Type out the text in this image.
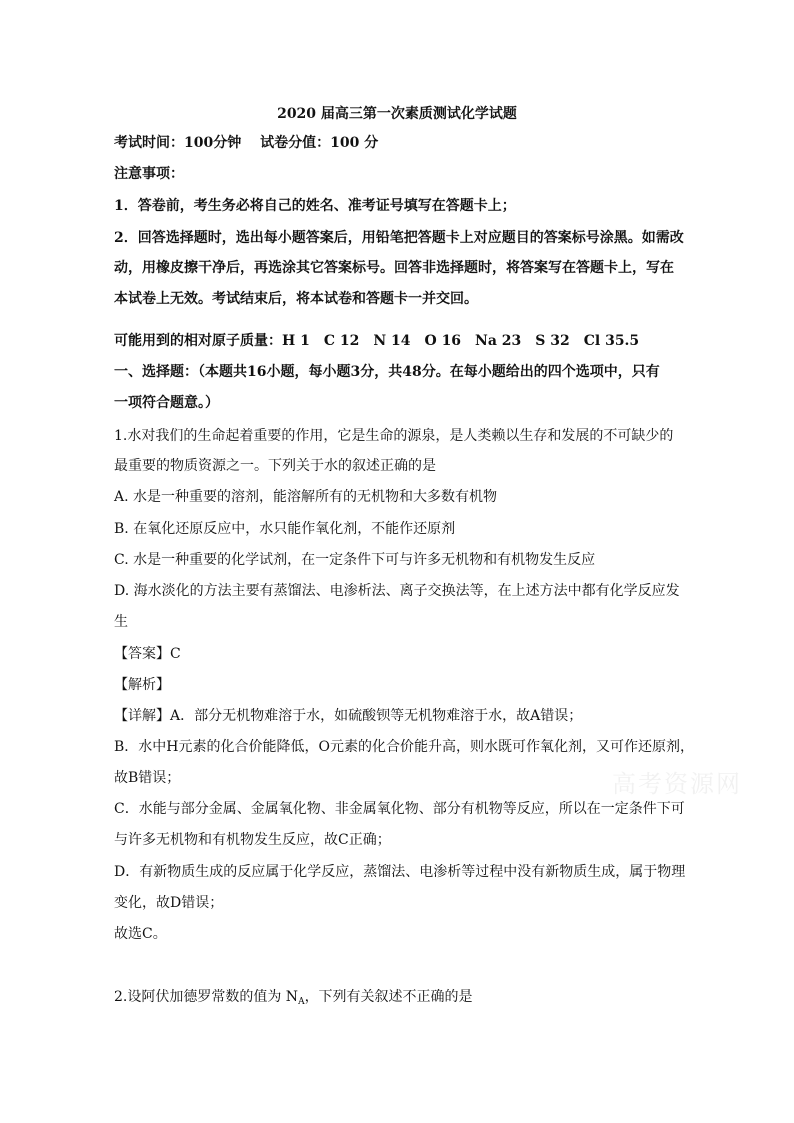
2020 届高三第一次素质测试化学试题
考试时间：100分钟　 试卷分值：100 分
注意事项：
1．答卷前，考生务必将自己的姓名、准考证号填写在答题卡上；
2．回答选择题时，选出每小题答案后，用铅笔把答题卡上对应题目的答案标号涂黑。如需改
动，用橡皮擦干净后，再选涂其它答案标号。回答非选择题时，将答案写在答题卡上，写在
本试卷上无效。考试结束后，将本试卷和答题卡一并交回。
可能用到的相对原子质量：H 1　C 12　N 14　O 16　Na 23　S 32　Cl 35.5
一、选择题：（本题共16小题，每小题3分，共48分。在每小题给出的四个选项中，只有
一项符合题意。）
1.水对我们的生命起着重要的作用，它是生命的源泉，是人类赖以生存和发展的不可缺少的
最重要的物质资源之一。下列关于水的叙述正确的是
A. 水是一种重要的溶剂，能溶解所有的无机物和大多数有机物
B. 在氧化还原反应中，水只能作氧化剂，不能作还原剂
C. 水是一种重要的化学试剂，在一定条件下可与许多无机物和有机物发生反应
D. 海水淡化的方法主要有蒸馏法、电渗析法、离子交换法等，在上述方法中都有化学反应发
生
【答案】C
【解析】
【详解】A．部分无机物难溶于水，如硫酸钡等无机物难溶于水，故A错误；
B．水中H元素的化合价能降低，O元素的化合价能升高，则水既可作氧化剂，又可作还原剂，
故B错误；
C．水能与部分金属、金属氧化物、非金属氧化物、部分有机物等反应，所以在一定条件下可
与许多无机物和有机物发生反应，故C正确；
D．有新物质生成的反应属于化学反应，蒸馏法、电渗析等过程中没有新物质生成，属于物理
变化，故D错误；
故选C。
2.设阿伏加德罗常数的值为 $N_A$，下列有关叙述不正确的是
高考资源网
